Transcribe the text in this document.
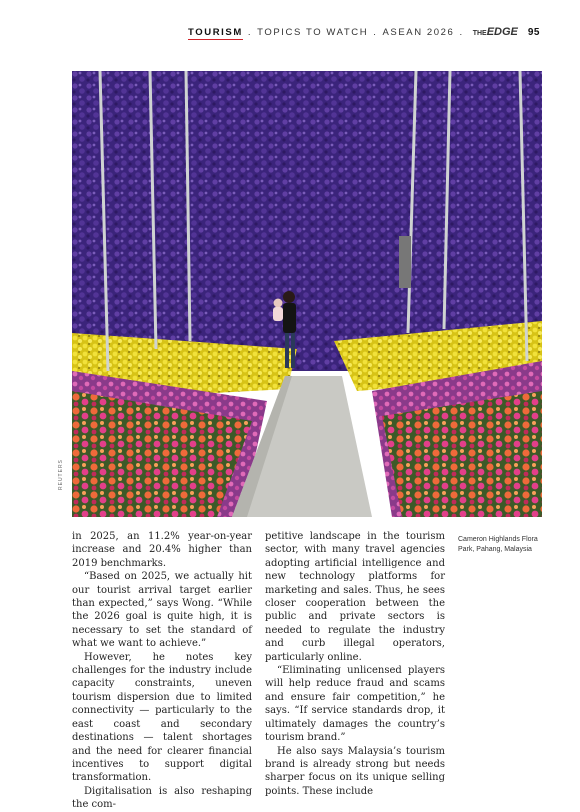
TOURISM . TOPICS TO WATCH . ASEAN 2026 . THEEDGE 95
REUTERS

in 2025, an 11.2% year-on-year increase and 20.4% higher than 2019 benchmarks.

“Based on 2025, we actually hit our tourist arrival target earlier than expected,” says Wong. “While the 2026 goal is quite high, it is necessary to set the standard of what we want to achieve.”

However, he notes key challenges for the industry include capacity constraints, uneven tourism dispersion due to limited connectivity — particularly to the east coast and secondary destinations — talent shortages and the need for clearer financial incentives to support digital transformation.

Digitalisation is also reshaping the com-

petitive landscape in the tourism sector, with many travel agencies adopting artificial intelligence and new technology platforms for marketing and sales. Thus, he sees closer cooperation between the public and private sectors is needed to regulate the industry and curb illegal operators, particularly online.

“Eliminating unlicensed players will help reduce fraud and scams and ensure fair competition,” he says. “If service standards drop, it ultimately damages the country’s tourism brand.”

He also says Malaysia’s tourism brand is already strong but needs sharper focus on its unique selling points. These include

Cameron Highlands Flora Park, Pahang, Malaysia
